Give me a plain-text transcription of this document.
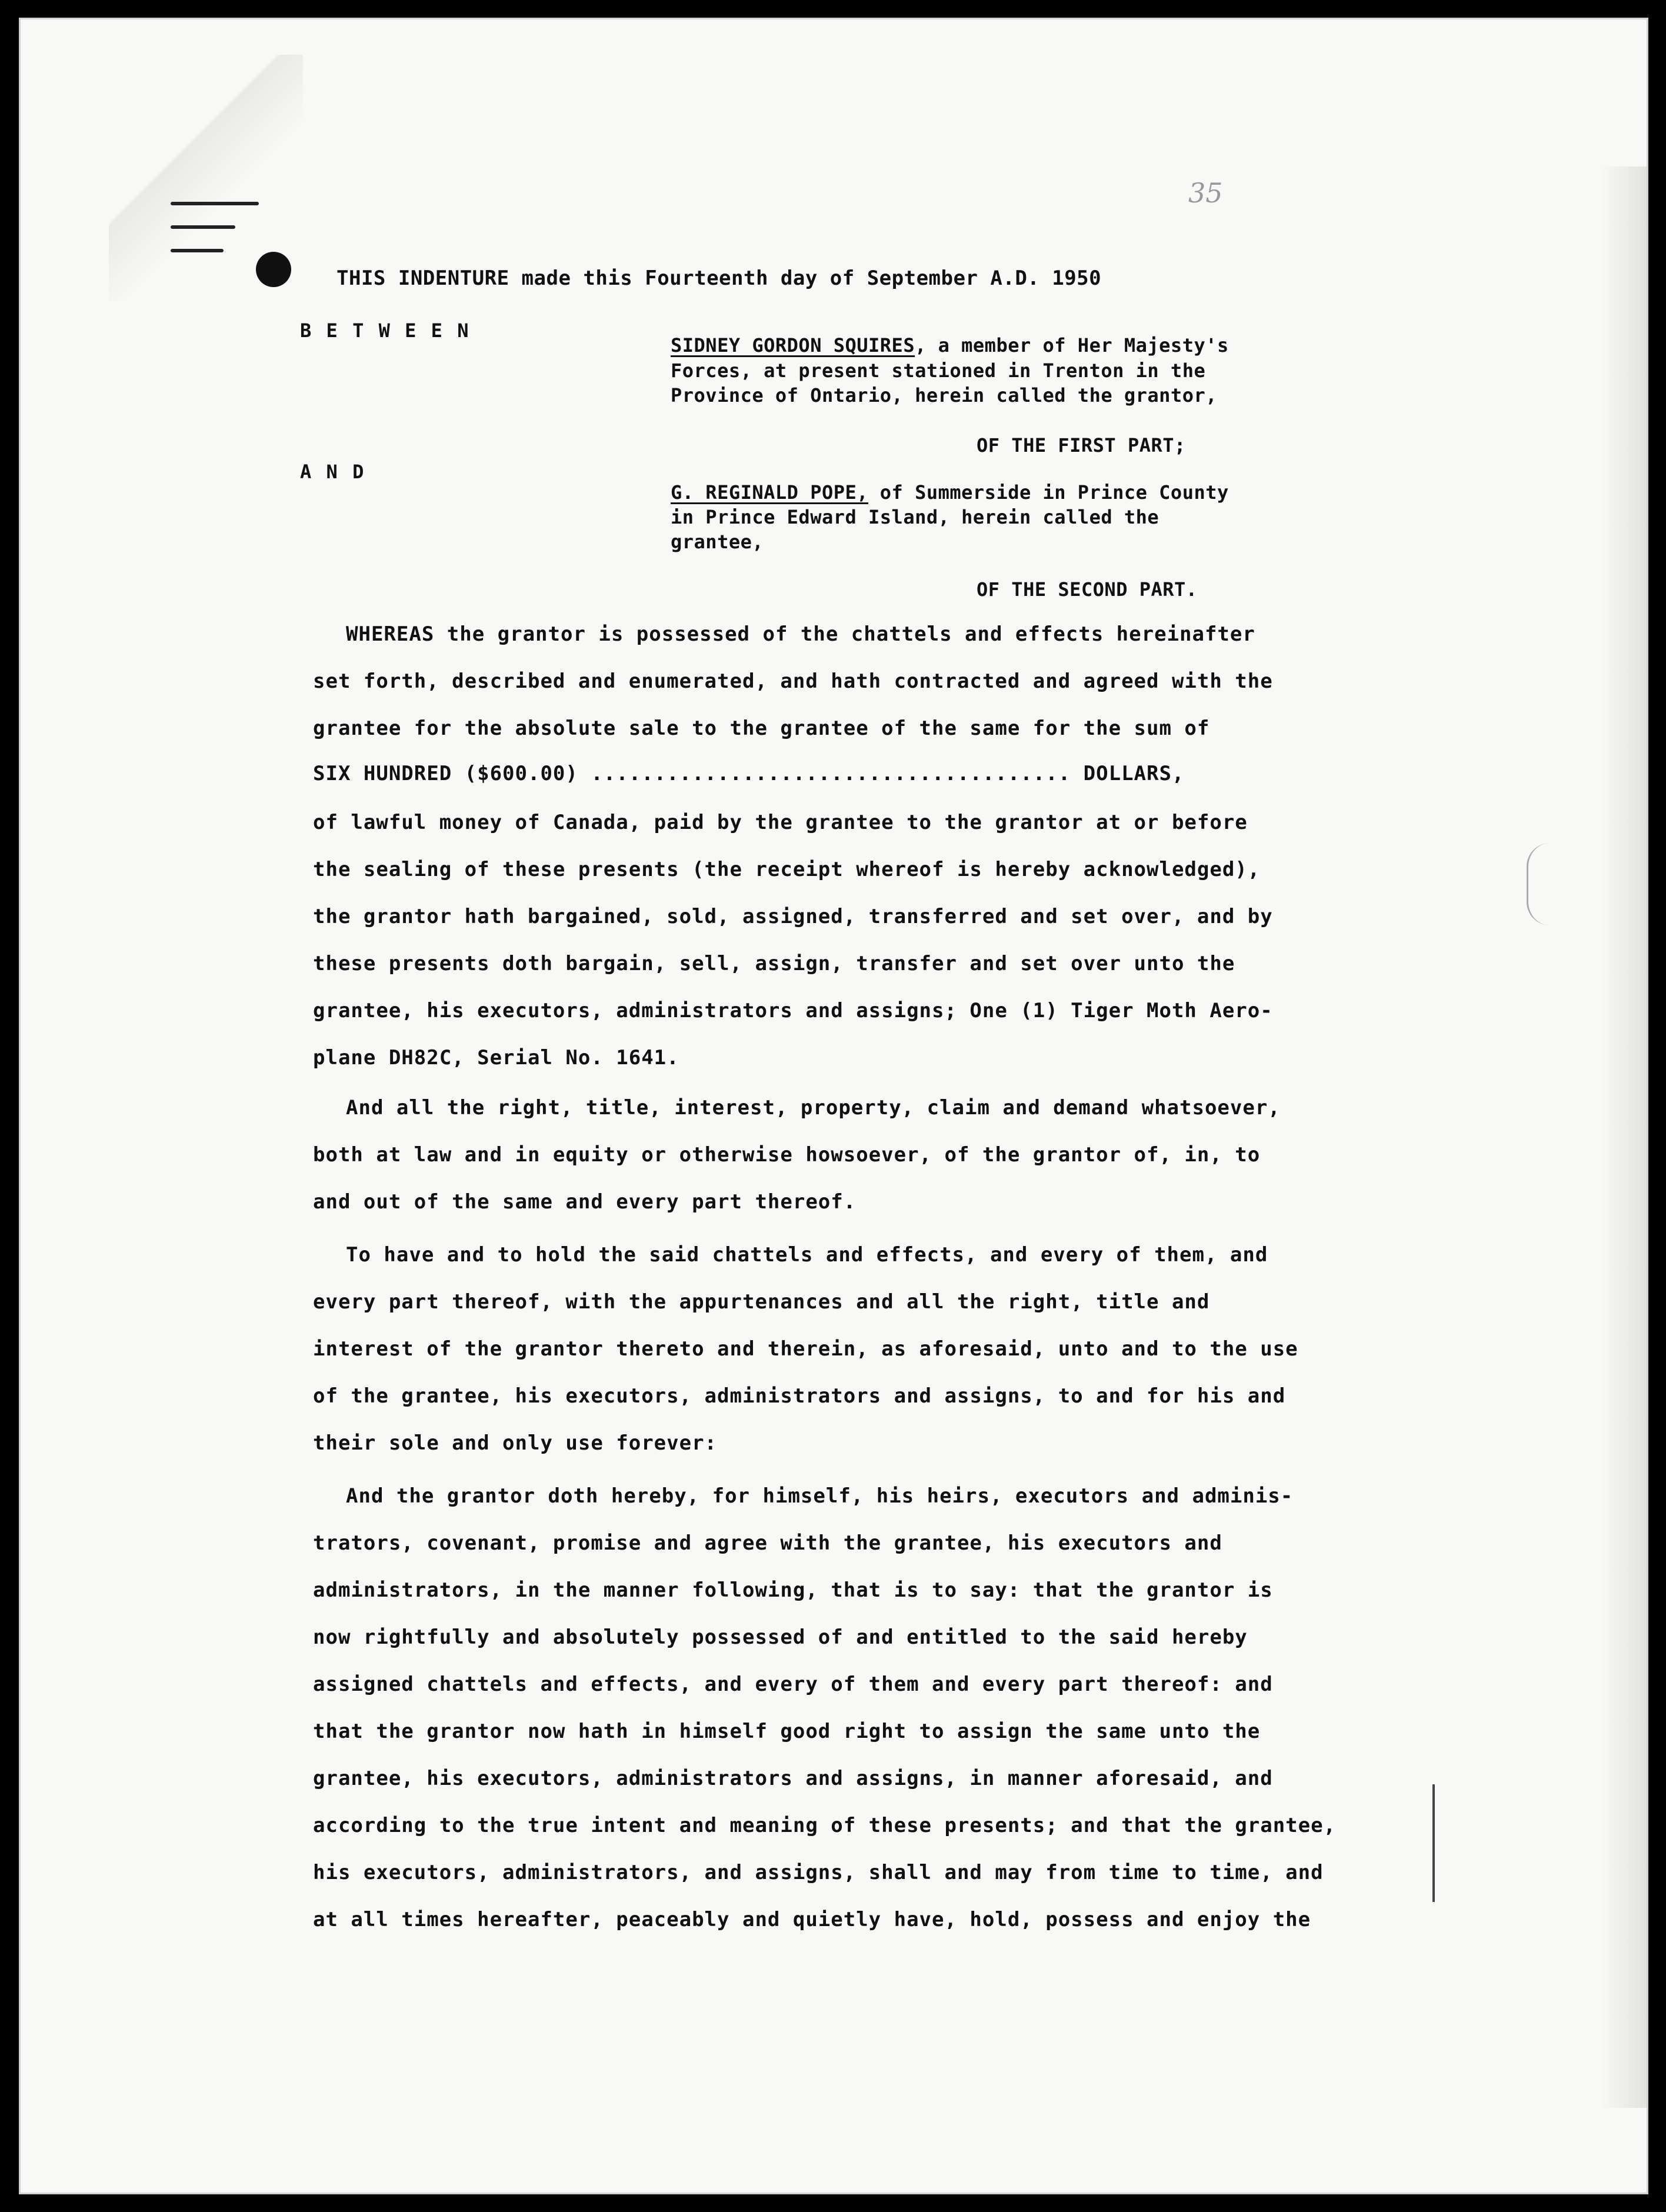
35
THIS INDENTURE made this Fourteenth day of September A.D. 1950
B E T W E E N
SIDNEY GORDON SQUIRES, a member of Her Majesty's
Forces, at present stationed in Trenton in the
Province of Ontario, herein called the grantor,
OF THE FIRST PART;
A N D
G. REGINALD POPE, of Summerside in Prince County
in Prince Edward Island, herein called the
grantee,
OF THE SECOND PART.
WHEREAS the grantor is possessed of the chattels and effects hereinafter
set forth, described and enumerated, and hath contracted and agreed with the
grantee for the absolute sale to the grantee of the same for the sum of
SIX HUNDRED ($600.00) ...................................... DOLLARS,
of lawful money of Canada, paid by the grantee to the grantor at or before
the sealing of these presents (the receipt whereof is hereby acknowledged),
the grantor hath bargained, sold, assigned, transferred and set over, and by
these presents doth bargain, sell, assign, transfer and set over unto the
grantee, his executors, administrators and assigns; One (1) Tiger Moth Aero-
plane DH82C, Serial No. 1641.
And all the right, title, interest, property, claim and demand whatsoever,
both at law and in equity or otherwise howsoever, of the grantor of, in, to
and out of the same and every part thereof.
To have and to hold the said chattels and effects, and every of them, and
every part thereof, with the appurtenances and all the right, title and
interest of the grantor thereto and therein, as aforesaid, unto and to the use
of the grantee, his executors, administrators and assigns, to and for his and
their sole and only use forever:
And the grantor doth hereby, for himself, his heirs, executors and adminis-
trators, covenant, promise and agree with the grantee, his executors and
administrators, in the manner following, that is to say: that the grantor is
now rightfully and absolutely possessed of and entitled to the said hereby
assigned chattels and effects, and every of them and every part thereof: and
that the grantor now hath in himself good right to assign the same unto the
grantee, his executors, administrators and assigns, in manner aforesaid, and
according to the true intent and meaning of these presents; and that the grantee,
his executors, administrators, and assigns, shall and may from time to time, and
at all times hereafter, peaceably and quietly have, hold, possess and enjoy the
